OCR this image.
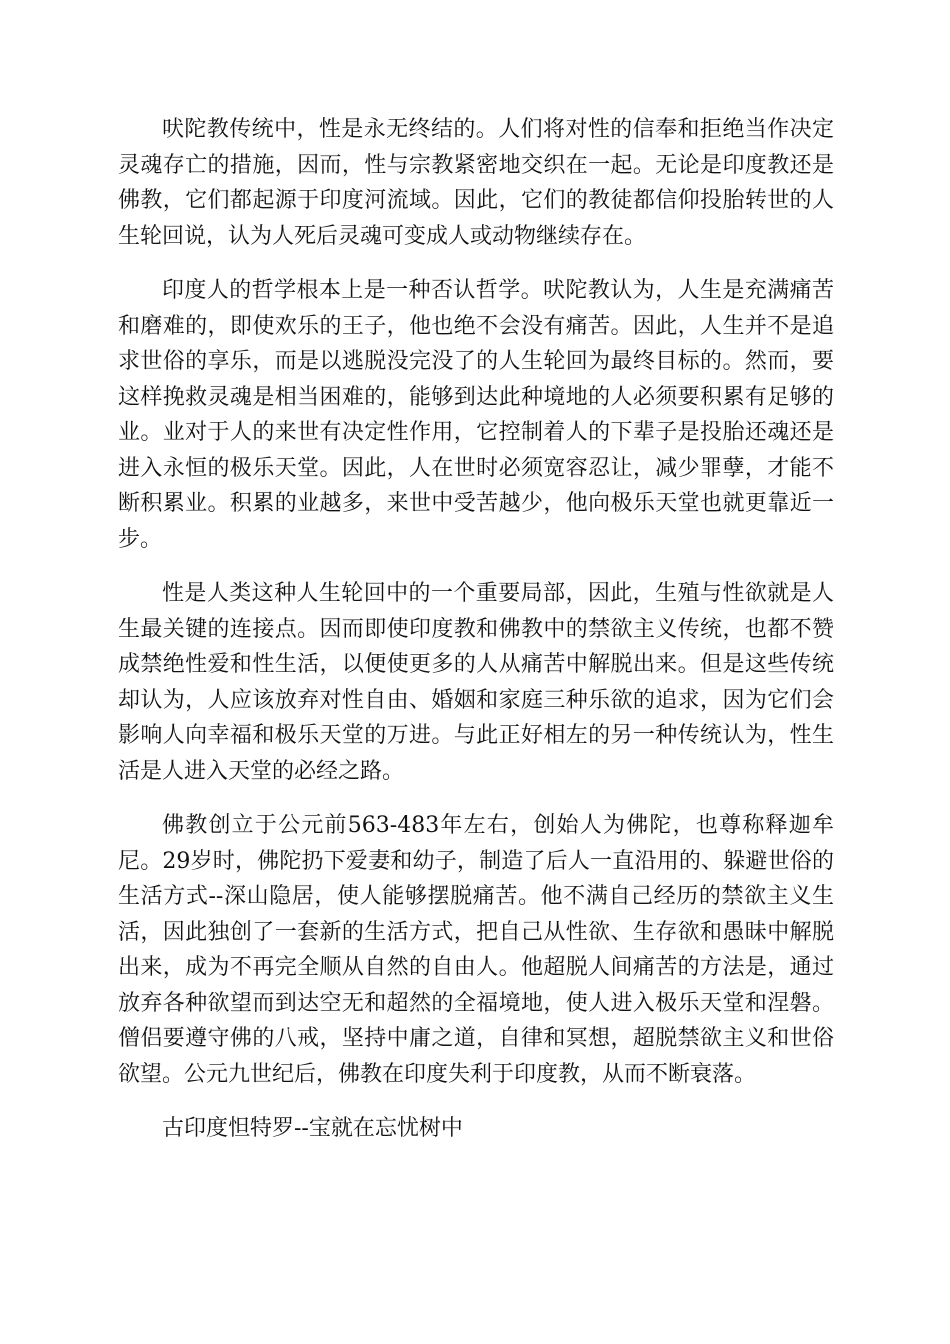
吠陀教传统中，性是永无终结的。人们将对性的信奉和拒绝当作决定灵魂存亡的措施，因而，性与宗教紧密地交织在一起。无论是印度教还是佛教，它们都起源于印度河流域。因此，它们的教徒都信仰投胎转世的人生轮回说，认为人死后灵魂可变成人或动物继续存在。

印度人的哲学根本上是一种否认哲学。吠陀教认为，人生是充满痛苦和磨难的，即使欢乐的王子，他也绝不会没有痛苦。因此，人生并不是追求世俗的享乐，而是以逃脱没完没了的人生轮回为最终目标的。然而，要这样挽救灵魂是相当困难的，能够到达此种境地的人必须要积累有足够的业。业对于人的来世有决定性作用，它控制着人的下辈子是投胎还魂还是进入永恒的极乐天堂。因此，人在世时必须宽容忍让，减少罪孽，才能不断积累业。积累的业越多，来世中受苦越少，他向极乐天堂也就更靠近一步。

性是人类这种人生轮回中的一个重要局部，因此，生殖与性欲就是人生最关键的连接点。因而即使印度教和佛教中的禁欲主义传统，也都不赞成禁绝性爱和性生活，以便使更多的人从痛苦中解脱出来。但是这些传统却认为，人应该放弃对性自由、婚姻和家庭三种乐欲的追求，因为它们会影响人向幸福和极乐天堂的万进。与此正好相左的另一种传统认为，性生活是人进入天堂的必经之路。

佛教创立于公元前563-483年左右，创始人为佛陀，也尊称释迦牟尼。29岁时，佛陀扔下爱妻和幼子，制造了后人一直沿用的、躲避世俗的生活方式--深山隐居，使人能够摆脱痛苦。他不满自己经历的禁欲主义生活，因此独创了一套新的生活方式，把自己从性欲、生存欲和愚昧中解脱出来，成为不再完全顺从自然的自由人。他超脱人间痛苦的方法是，通过放弃各种欲望而到达空无和超然的全福境地，使人进入极乐天堂和涅磐。僧侣要遵守佛的八戒，坚持中庸之道，自律和冥想，超脱禁欲主义和世俗欲望。公元九世纪后，佛教在印度失利于印度教，从而不断衰落。

古印度怛特罗--宝就在忘忧树中
